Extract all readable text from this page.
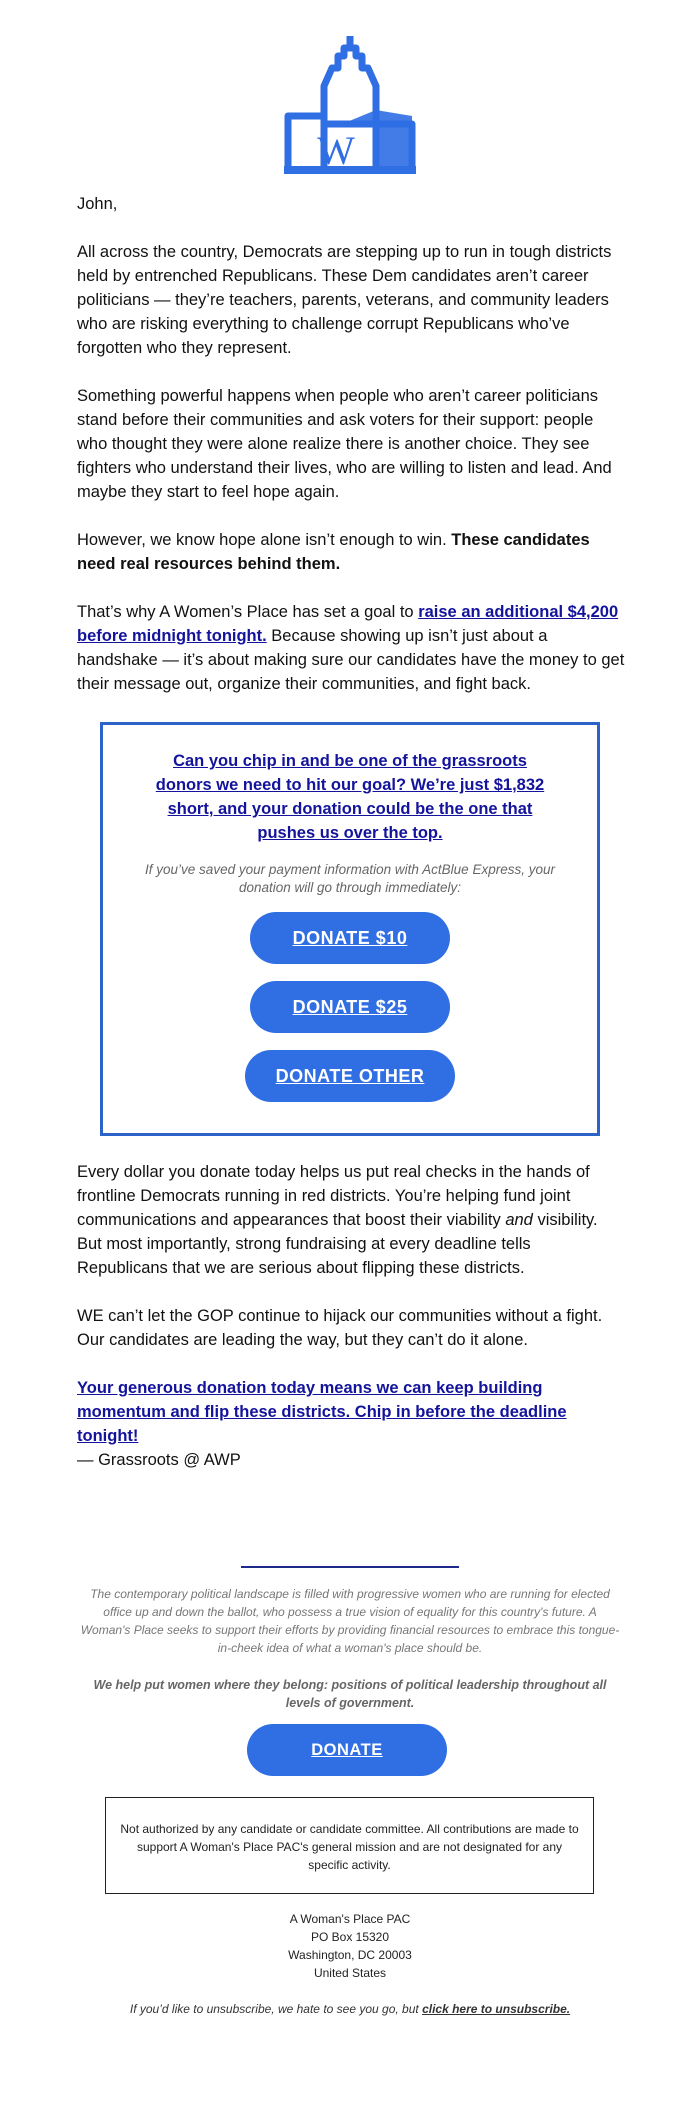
W

John,

All across the country, Democrats are stepping up to run in tough districts held by entrenched Republicans. These Dem candidates aren’t career politicians — they’re teachers, parents, veterans, and community leaders who are risking everything to challenge corrupt Republicans who’ve forgotten who they represent.

Something powerful happens when people who aren’t career politicians stand before their communities and ask voters for their support: people who thought they were alone realize there is another choice. They see fighters who understand their lives, who are willing to listen and lead. And maybe they start to feel hope again.

However, we know hope alone isn’t enough to win. These candidates need real resources behind them.

That’s why A Women’s Place has set a goal to raise an additional $4,200 before midnight tonight. Because showing up isn’t just about a handshake — it’s about making sure our candidates have the money to get their message out, organize their communities, and fight back.

Can you chip in and be one of the grassroots donors we need to hit our goal? We’re just $1,832 short, and your donation could be the one that pushes us over the top.
If you’ve saved your payment information with ActBlue Express, your donation will go through immediately:
DONATE $10
DONATE $25
DONATE OTHER

Every dollar you donate today helps us put real checks in the hands of frontline Democrats running in red districts. You’re helping fund joint communications and appearances that boost their viability and visibility. But most importantly, strong fundraising at every deadline tells Republicans that we are serious about flipping these districts.

WE can’t let the GOP continue to hijack our communities without a fight. Our candidates are leading the way, but they can’t do it alone.

Your generous donation today means we can keep building momentum and flip these districts. Chip in before the deadline tonight!

— Grassroots @ AWP

The contemporary political landscape is filled with progressive women who are running for elected office up and down the ballot, who possess a true vision of equality for this country's future. A Woman's Place seeks to support their efforts by providing financial resources to embrace this tongue-in-cheek idea of what a woman's place should be.
We help put women where they belong: positions of political leadership throughout all levels of government.
DONATE
Not authorized by any candidate or candidate committee. All contributions are made to support A Woman's Place PAC's general mission and are not designated for any specific activity.
A Woman's Place PAC
PO Box 15320
Washington, DC 20003
United States
If you’d like to unsubscribe, we hate to see you go, but click here to unsubscribe.
